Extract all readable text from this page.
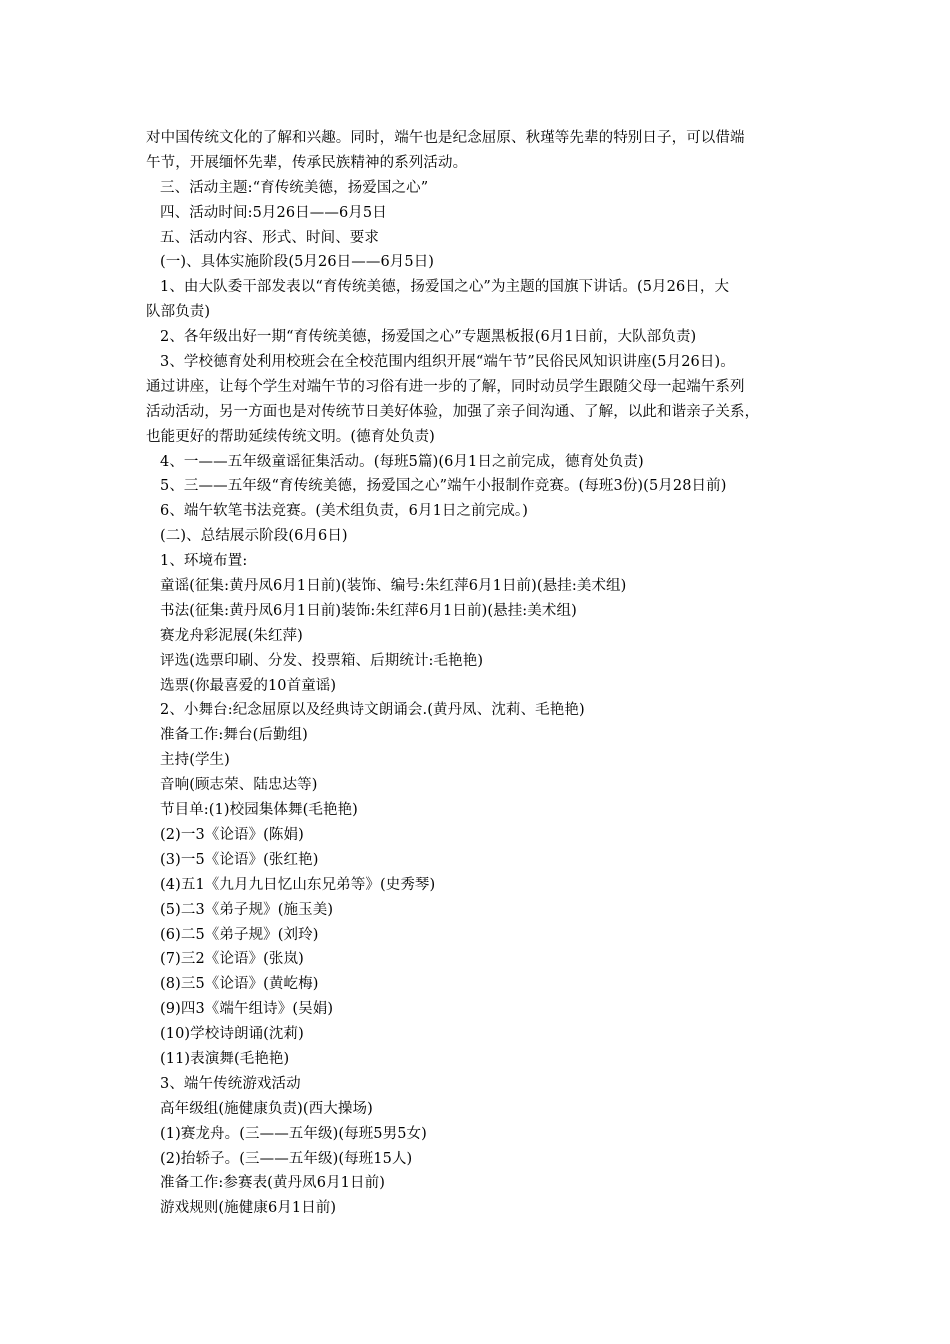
对中国传统文化的了解和兴趣。同时，端午也是纪念屈原、秋瑾等先辈的特别日子，可以借端
午节，开展缅怀先辈，传承民族精神的系列活动。
三、活动主题:“育传统美德，扬爱国之心”
四、活动时间:5月26日——6月5日
五、活动内容、形式、时间、要求
(一)、具体实施阶段(5月26日——6月5日)
1、由大队委干部发表以“育传统美德，扬爱国之心”为主题的国旗下讲话。(5月26日，大
队部负责)
2、各年级出好一期“育传统美德，扬爱国之心”专题黑板报(6月1日前，大队部负责)
3、学校德育处利用校班会在全校范围内组织开展“端午节”民俗民风知识讲座(5月26日)。
通过讲座，让每个学生对端午节的习俗有进一步的了解，同时动员学生跟随父母一起端午系列
活动活动，另一方面也是对传统节日美好体验，加强了亲子间沟通、了解，以此和谐亲子关系，
也能更好的帮助延续传统文明。(德育处负责)
4、一——五年级童谣征集活动。(每班5篇)(6月1日之前完成，德育处负责)
5、三——五年级“育传统美德，扬爱国之心”端午小报制作竞赛。(每班3份)(5月28日前)
6、端午软笔书法竞赛。(美术组负责，6月1日之前完成。)
(二)、总结展示阶段(6月6日)
1、环境布置:
童谣(征集:黄丹凤6月1日前)(装饰、编号:朱红萍6月1日前)(悬挂:美术组)
书法(征集:黄丹凤6月1日前)装饰:朱红萍6月1日前)(悬挂:美术组)
赛龙舟彩泥展(朱红萍)
评选(选票印刷、分发、投票箱、后期统计:毛艳艳)
选票(你最喜爱的10首童谣)
2、小舞台:纪念屈原以及经典诗文朗诵会.(黄丹凤、沈莉、毛艳艳)
准备工作:舞台(后勤组)
主持(学生)
音响(顾志荣、陆忠达等)
节目单:(1)校园集体舞(毛艳艳)
(2)一3《论语》(陈娟)
(3)一5《论语》(张红艳)
(4)五1《九月九日忆山东兄弟等》(史秀琴)
(5)二3《弟子规》(施玉美)
(6)二5《弟子规》(刘玲)
(7)三2《论语》(张岚)
(8)三5《论语》(黄屹梅)
(9)四3《端午组诗》(吴娟)
(10)学校诗朗诵(沈莉)
(11)表演舞(毛艳艳)
3、端午传统游戏活动
高年级组(施健康负责)(西大操场)
(1)赛龙舟。(三——五年级)(每班5男5女)
(2)抬轿子。(三——五年级)(每班15人)
准备工作:参赛表(黄丹凤6月1日前)
游戏规则(施健康6月1日前)
